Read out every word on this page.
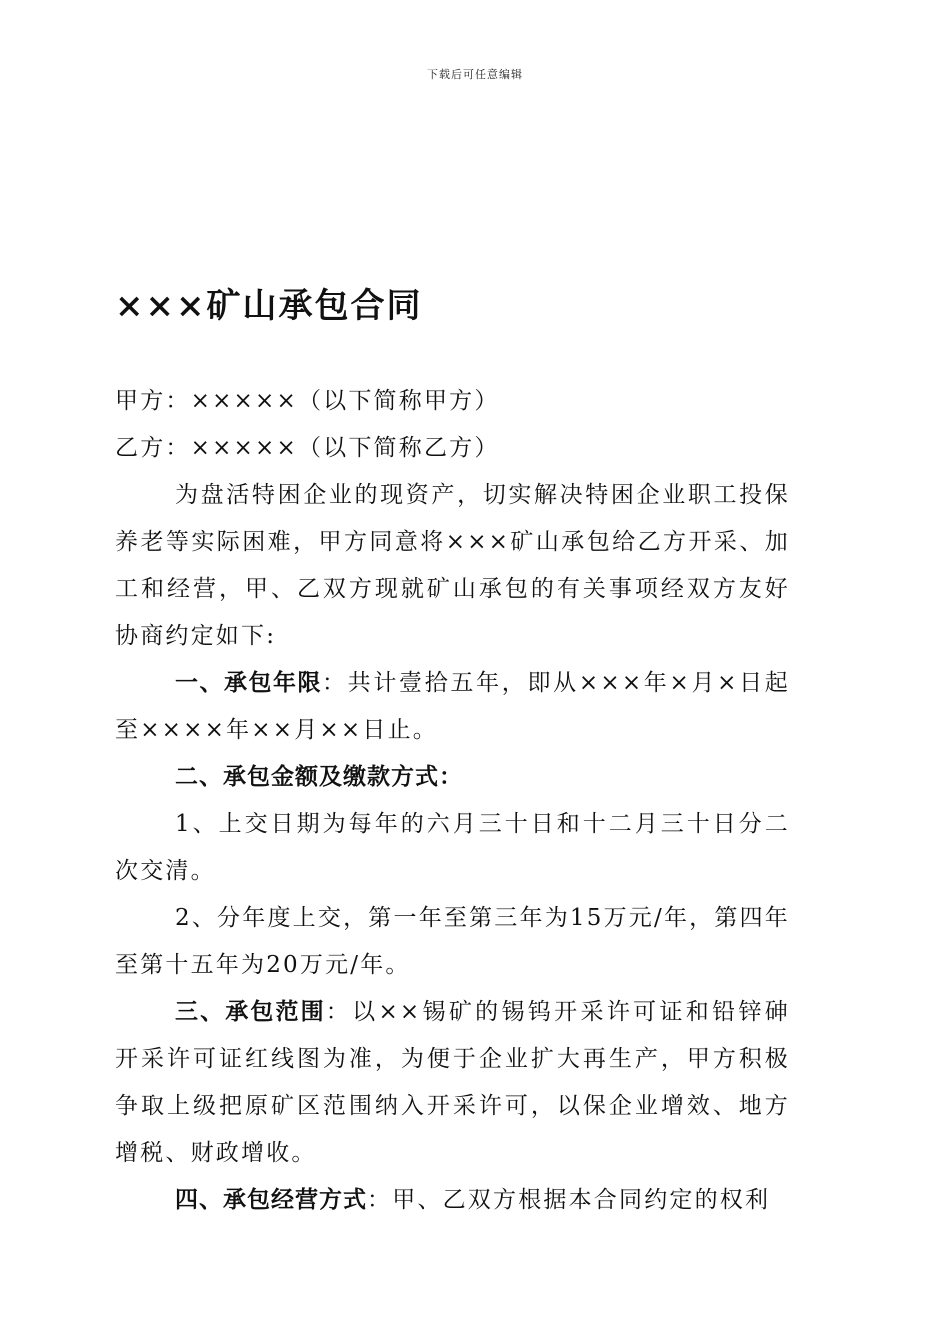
下载后可任意编辑
×××矿山承包合同

甲方：×××××（以下简称甲方）

乙方：×××××（以下简称乙方）

为盘活特困企业的现资产，切实解决特困企业职工投保养老等实际困难，甲方同意将×××矿山承包给乙方开采、加工和经营，甲、乙双方现就矿山承包的有关事项经双方友好协商约定如下:

一、承包年限：共计壹拾五年，即从×××年×月×日起至××××年××月××日止。

二、承包金额及缴款方式：

1、上交日期为每年的六月三十日和十二月三十日分二次交清。

2、分年度上交，第一年至第三年为15万元/年，第四年至第十五年为20万元/年。

三、承包范围：以××锡矿的锡钨开采许可证和铅锌砷开采许可证红线图为准，为便于企业扩大再生产，甲方积极争取上级把原矿区范围纳入开采许可，以保企业增效、地方增税、财政增收。

四、承包经营方式：甲、乙双方根据本合同约定的权利
